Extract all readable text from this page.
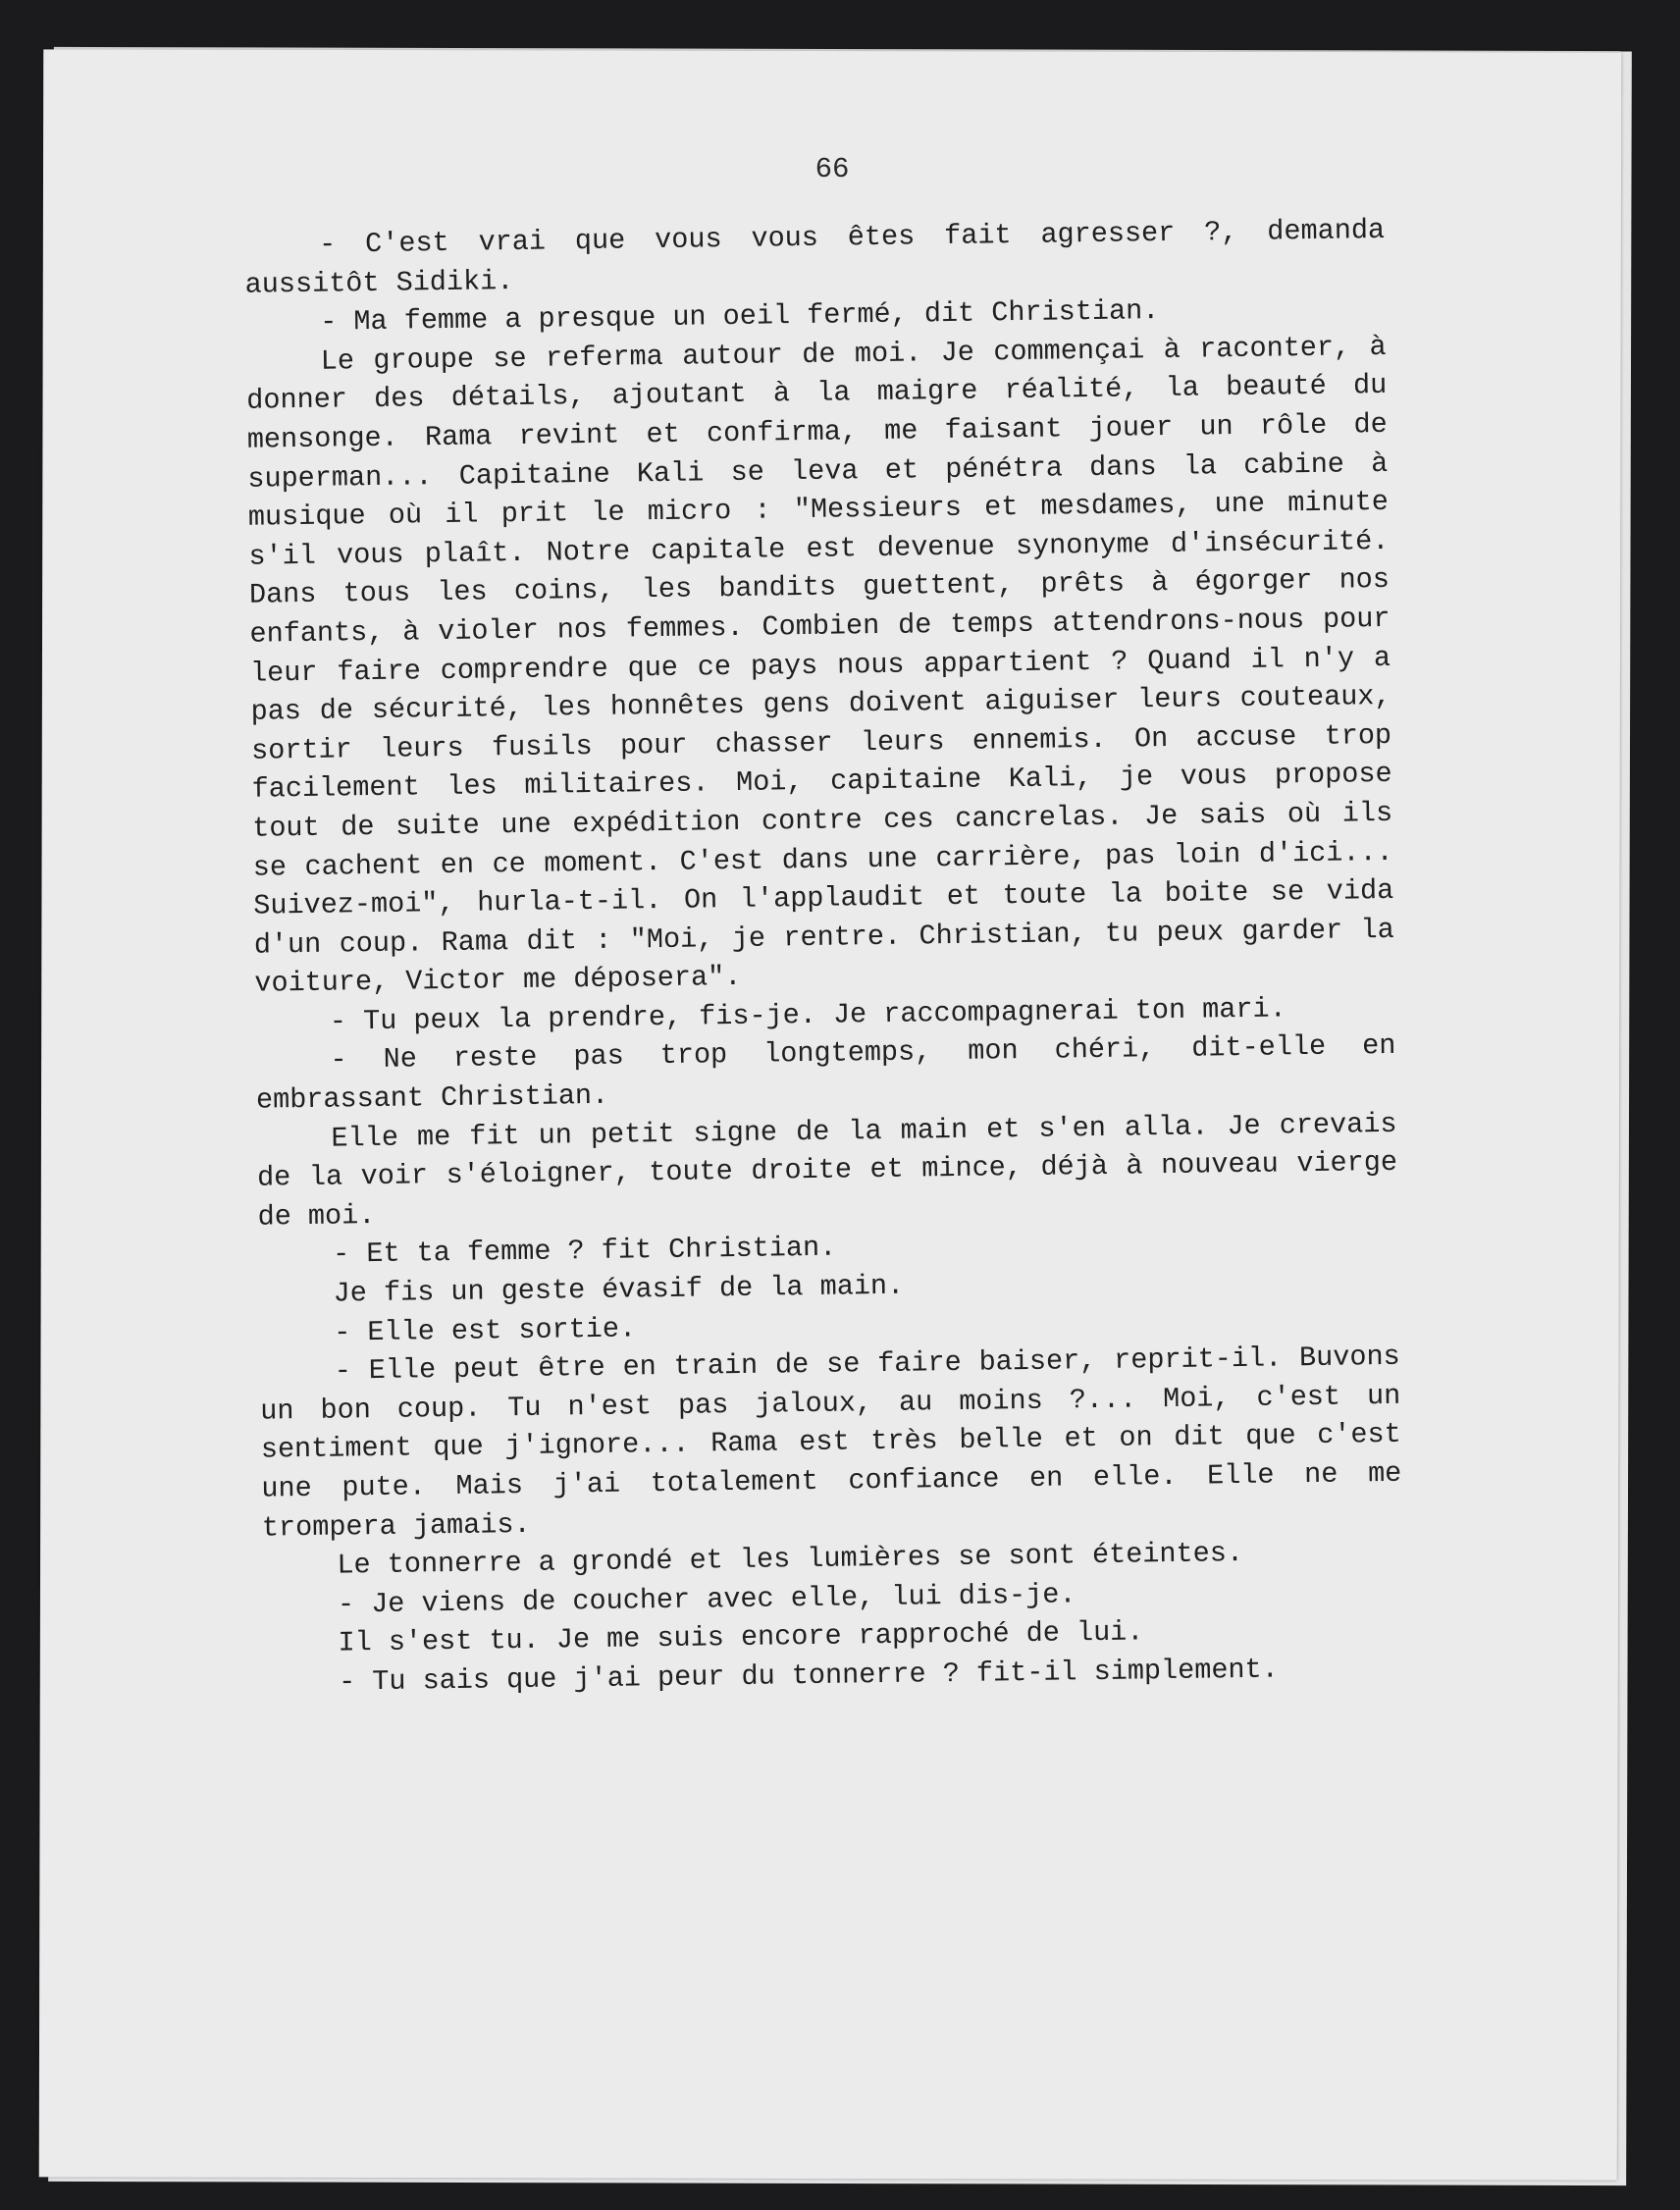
66

- C'est vrai que vous vous êtes fait agresser ?, demanda aussitôt Sidiki.

- Ma femme a presque un oeil fermé, dit Christian.

Le groupe se referma autour de moi. Je commençai à raconter, à donner des détails, ajoutant à la maigre réalité, la beauté du mensonge. Rama revint et confirma, me faisant jouer un rôle de superman... Capitaine Kali se leva et pénétra dans la cabine à musique où il prit le micro : "Messieurs et mesdames, une minute s'il vous plaît. Notre capitale est devenue synonyme d'insécurité. Dans tous les coins, les bandits guettent, prêts à égorger nos enfants, à violer nos femmes. Combien de temps attendrons-nous pour leur faire comprendre que ce pays nous appartient ? Quand il n'y a pas de sécurité, les honnêtes gens doivent aiguiser leurs couteaux, sortir leurs fusils pour chasser leurs ennemis. On accuse trop facilement les militaires. Moi, capitaine Kali, je vous propose tout de suite une expédition contre ces cancrelas. Je sais où ils se cachent en ce moment. C'est dans une carrière, pas loin d'ici... Suivez-moi", hurla-t-il. On l'applaudit et toute la boite se vida d'un coup. Rama dit : "Moi, je rentre. Christian, tu peux garder la voiture, Victor me déposera".

- Tu peux la prendre, fis-je. Je raccompagnerai ton mari.

- Ne reste pas trop longtemps, mon chéri, dit-elle en embrassant Christian.

Elle me fit un petit signe de la main et s'en alla. Je crevais de la voir s'éloigner, toute droite et mince, déjà à nouveau vierge de moi.

- Et ta femme ? fit Christian.

Je fis un geste évasif de la main.

- Elle est sortie.

- Elle peut être en train de se faire baiser, reprit-il. Buvons un bon coup. Tu n'est pas jaloux, au moins ?... Moi, c'est un sentiment que j'ignore... Rama est très belle et on dit que c'est une pute. Mais j'ai totalement confiance en elle. Elle ne me trompera jamais.

Le tonnerre a grondé et les lumières se sont éteintes.

- Je viens de coucher avec elle, lui dis-je.

Il s'est tu. Je me suis encore rapproché de lui.

- Tu sais que j'ai peur du tonnerre ? fit-il simplement.
